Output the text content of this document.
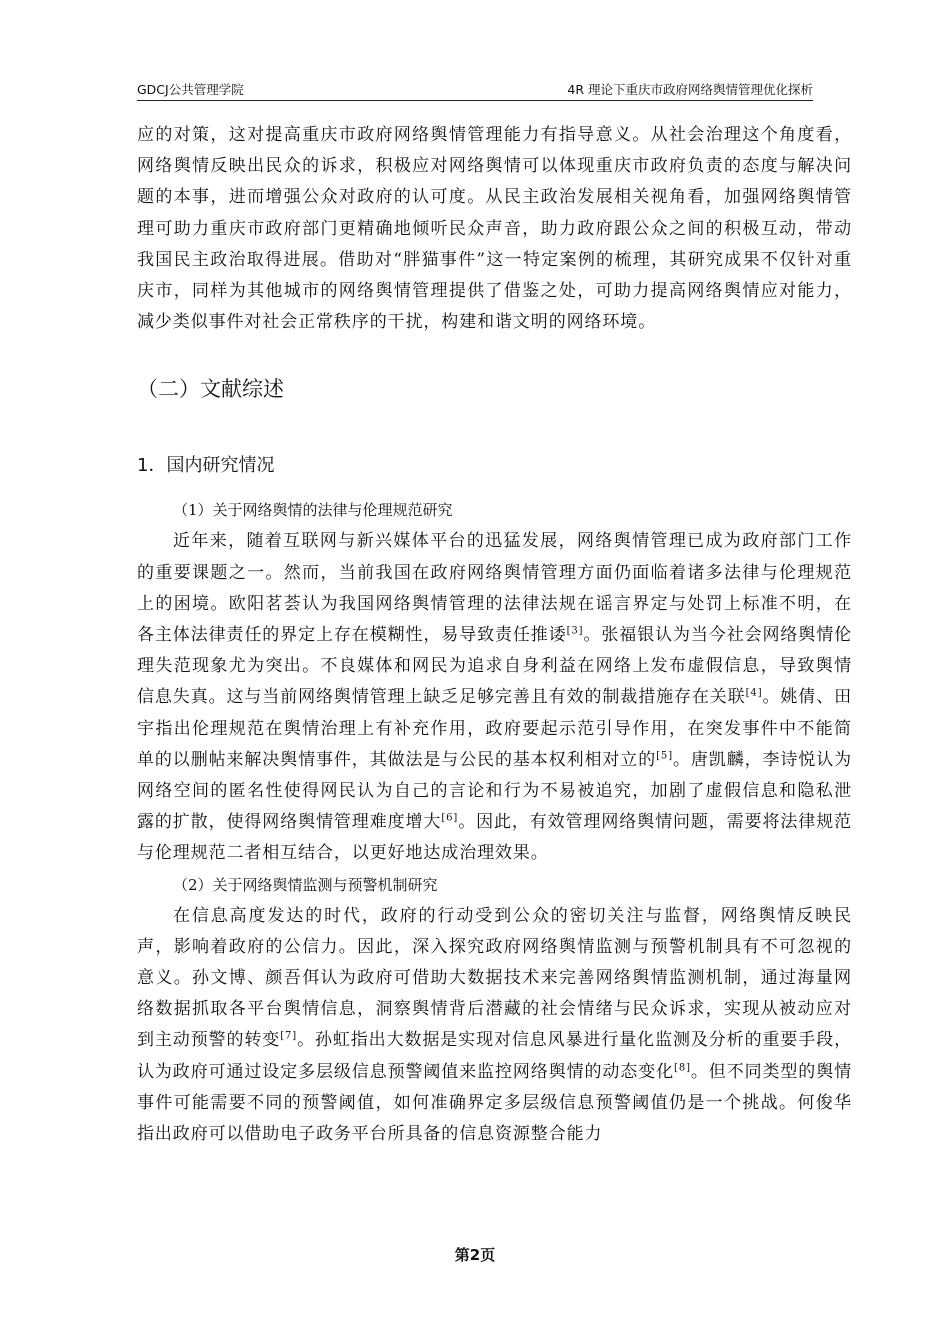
GDCJ公共管理学院	4R 理论下重庆市政府网络舆情管理优化探析

应的对策，这对提高重庆市政府网络舆情管理能力有指导意义。从社会治理这个角度看，网络舆情反映出民众的诉求，积极应对网络舆情可以体现重庆市政府负责的态度与解决问题的本事，进而增强公众对政府的认可度。从民主政治发展相关视角看，加强网络舆情管理可助力重庆市政府部门更精确地倾听民众声音，助力政府跟公众之间的积极互动，带动我国民主政治取得进展。借助对“胖猫事件”这一特定案例的梳理，其研究成果不仅针对重庆市，同样为其他城市的网络舆情管理提供了借鉴之处，可助力提高网络舆情应对能力，减少类似事件对社会正常秩序的干扰，构建和谐文明的网络环境。

（二）文献综述
1．国内研究情况

（1）关于网络舆情的法律与伦理规范研究

近年来，随着互联网与新兴媒体平台的迅猛发展，网络舆情管理已成为政府部门工作的重要课题之一。然而，当前我国在政府网络舆情管理方面仍面临着诸多法律与伦理规范上的困境。欧阳茗荟认为我国网络舆情管理的法律法规在谣言界定与处罚上标准不明，在各主体法律责任的界定上存在模糊性，易导致责任推诿[3]。张福银认为当今社会网络舆情伦理失范现象尤为突出。不良媒体和网民为追求自身利益在网络上发布虚假信息，导致舆情信息失真。这与当前网络舆情管理上缺乏足够完善且有效的制裁措施存在关联[4]。姚倩、田宇指出伦理规范在舆情治理上有补充作用，政府要起示范引导作用，在突发事件中不能简单的以删帖来解决舆情事件，其做法是与公民的基本权利相对立的[5]。唐凯麟，李诗悦认为网络空间的匿名性使得网民认为自己的言论和行为不易被追究，加剧了虚假信息和隐私泄露的扩散，使得网络舆情管理难度增大[6]。因此，有效管理网络舆情问题，需要将法律规范与伦理规范二者相互结合，以更好地达成治理效果。

（2）关于网络舆情监测与预警机制研究

在信息高度发达的时代，政府的行动受到公众的密切关注与监督，网络舆情反映民声，影响着政府的公信力。因此，深入探究政府网络舆情监测与预警机制具有不可忽视的意义。孙文博、颜吾佴认为政府可借助大数据技术来完善网络舆情监测机制，通过海量网络数据抓取各平台舆情信息，洞察舆情背后潜藏的社会情绪与民众诉求，实现从被动应对到主动预警的转变[7]。孙虹指出大数据是实现对信息风暴进行量化监测及分析的重要手段，认为政府可通过设定多层级信息预警阈值来监控网络舆情的动态变化[8]。但不同类型的舆情事件可能需要不同的预警阈值，如何准确界定多层级信息预警阈值仍是一个挑战。何俊华指出政府可以借助电子政务平台所具备的信息资源整合能力

第2页
